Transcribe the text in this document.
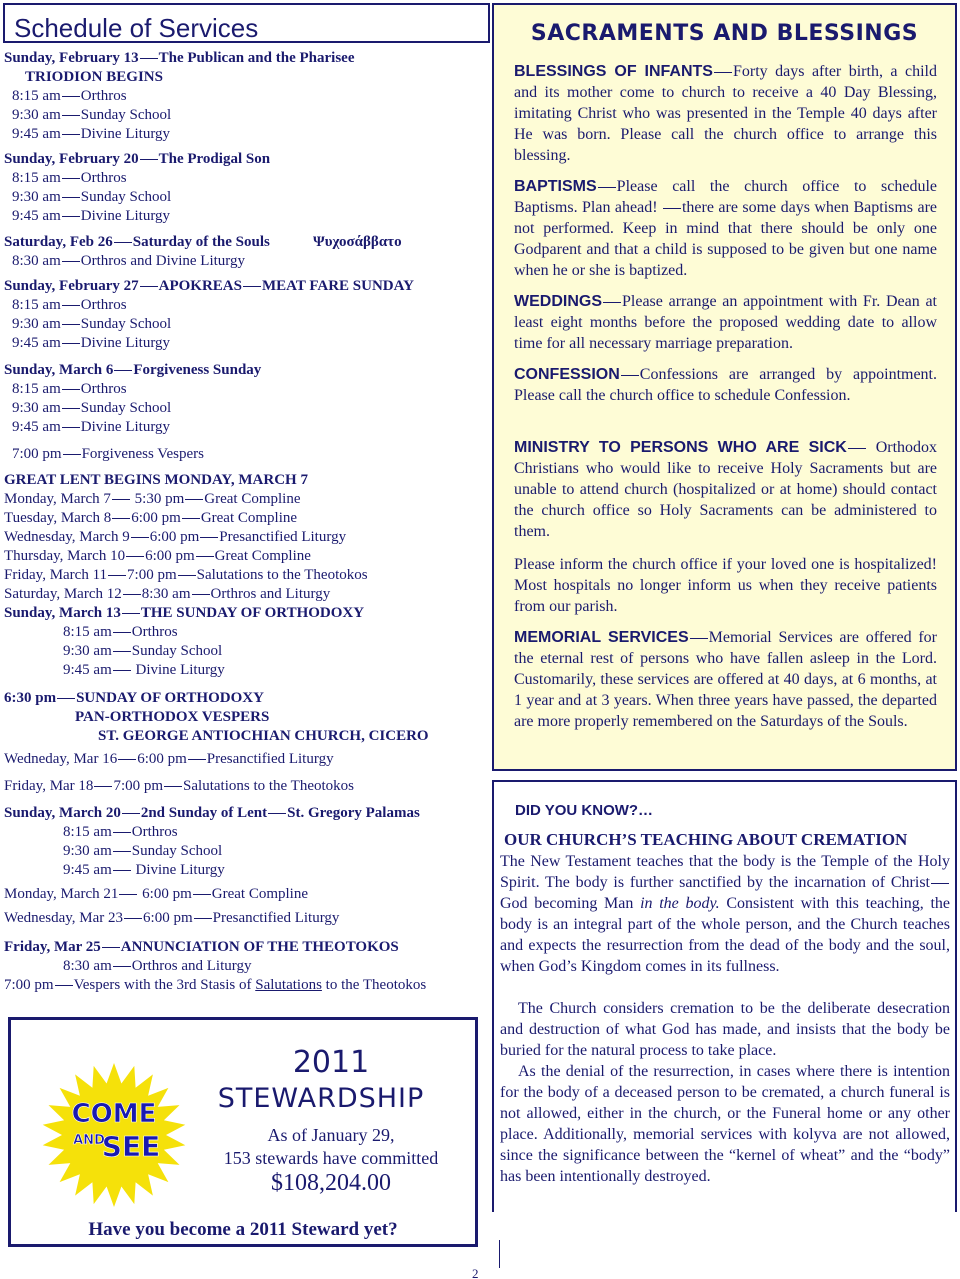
Schedule of Services
Sunday, February 13 The Publican and the Pharisee
TRIODION BEGINS
8:15 am Orthros
9:30 am Sunday School
9:45 am Divine Liturgy
Sunday, February 20 The Prodigal Son
8:15 am Orthros
9:30 am Sunday School
9:45 am Divine Liturgy
Saturday, Feb 26 Saturday of the Souls	Ψυχοσάββατο
8:30 am Orthros and Divine Liturgy
Sunday, February 27 APOKREAS MEAT FARE SUNDAY
8:15 am Orthros
9:30 am Sunday School
9:45 am Divine Liturgy
Sunday, March 6 Forgiveness Sunday
8:15 am Orthros
9:30 am Sunday School
9:45 am Divine Liturgy
7:00 pm Forgiveness Vespers
GREAT LENT BEGINS MONDAY, MARCH 7
Monday, March 7 5:30 pm Great Compline
Tuesday, March 8 6:00 pm Great Compline
Wednesday, March 9 6:00 pm Presanctified Liturgy
Thursday, March 10 6:00 pm Great Compline
Friday, March 11 7:00 pm Salutations to the Theotokos
Saturday, March 12 8:30 am Orthros and Liturgy
Sunday, March 13 THE SUNDAY OF ORTHODOXY
8:15 am Orthros
9:30 am Sunday School
9:45 am Divine Liturgy
6:30 pm SUNDAY OF ORTHODOXY
PAN-ORTHODOX VESPERS
ST. GEORGE ANTIOCHIAN CHURCH, CICERO
Wedneday, Mar 16 6:00 pm Presanctified Liturgy
Friday, Mar 18 7:00 pm Salutations to the Theotokos
Sunday, March 20 2nd Sunday of Lent St. Gregory Palamas
8:15 am Orthros
9:30 am Sunday School
9:45 am Divine Liturgy
Monday, March 21 6:00 pm Great Compline
Wednesday, Mar 23 6:00 pm Presanctified Liturgy
Friday, Mar 25 ANNUNCIATION OF THE THEOTOKOS
8:30 am Orthros and Liturgy
7:00 pm Vespers with the 3rd Stasis of Salutations to the Theotokos
SACRAMENTS AND BLESSINGS
BLESSINGS OF INFANTS Forty days after birth, a child and its mother come to church to receive a 40 Day Blessing, imitating Christ who was presented in the Temple 40 days after He was born. Please call the church office to arrange this blessing.
BAPTISMS Please call the church office to schedule Baptisms. Plan ahead! there are some days when Baptisms are not performed. Keep in mind that there should be only one Godparent and that a child is supposed to be given but one name when he or she is baptized.
WEDDINGS Please arrange an appointment with Fr. Dean at least eight months before the proposed wedding date to allow time for all necessary marriage preparation.
CONFESSION Confessions are arranged by appointment. Please call the church office to schedule Confession.
MINISTRY TO PERSONS WHO ARE SICK Orthodox Christians who would like to receive Holy Sacraments but are unable to attend church (hospitalized or at home) should contact the church office so Holy Sacraments can be administered to them.
Please inform the church office if your loved one is hospitalized! Most hospitals no longer inform us when they receive patients from our parish.
MEMORIAL SERVICES Memorial Services are offered for the eternal rest of persons who have fallen asleep in the Lord. Customarily, these services are offered at 40 days, at 6 months, at 1 year and at 3 years. When three years have passed, the departed are more properly remembered on the Saturdays of the Souls.
DID YOU KNOW?…
OUR CHURCH’S TEACHING ABOUT CREMATION
The New Testament teaches that the body is the Temple of the Holy Spirit. The body is further sanctified by the incarnation of ChristGod becoming Man in the body. Consistent with this teaching, the body is an integral part of the whole person, and the Church teaches and expects the resurrection from the dead of the body and the soul, when God’s Kingdom comes in its fullness.
The Church considers cremation to be the deliberate desecration and destruction of what God has made, and insists that the body be buried for the natural process to take place.
As the denial of the resurrection, in cases where there is intention for the body of a deceased person to be cremated, a church funeral is not allowed, either in the church, or the Funeral home or any other place. Additionally, memorial services with kolyva are not allowed, since the significance between the “kernel of wheat” and the “body” has been intentionally destroyed.
COME
AND
SEE
2011
STEWARDSHIP
As of January 29,
153 stewards have committed
$108,204.00
Have you become a 2011 Steward yet?
2
